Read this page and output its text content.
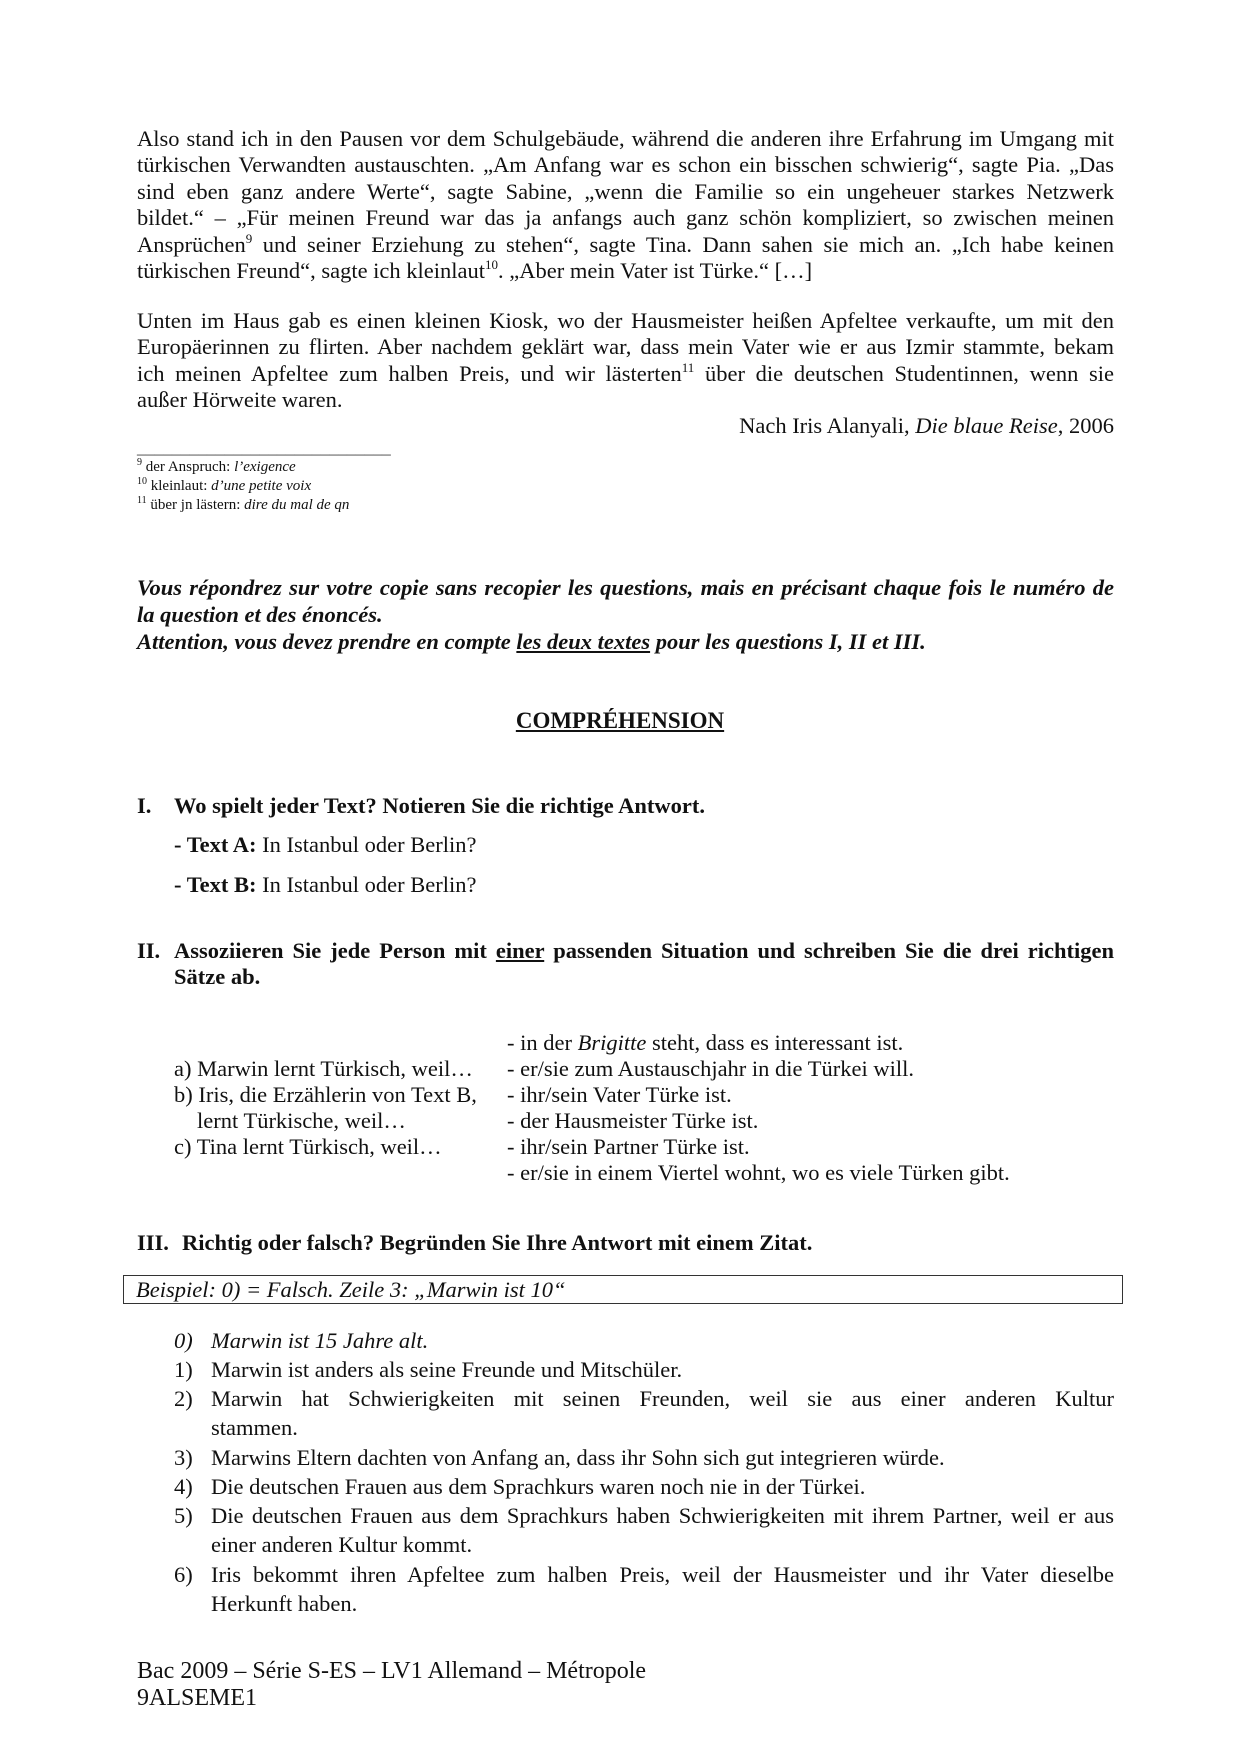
Also stand ich in den Pausen vor dem Schulgebäude, während die anderen ihre Erfahrung im Umgang mit
türkischen Verwandten austauschten. „Am Anfang war es schon ein bisschen schwierig“, sagte Pia. „Das
sind eben ganz andere Werte“, sagte Sabine, „wenn die Familie so ein ungeheuer starkes Netzwerk
bildet.“ – „Für meinen Freund war das ja anfangs auch ganz schön kompliziert, so zwischen meinen
Ansprüchen$^9$ und seiner Erziehung zu stehen“, sagte Tina. Dann sahen sie mich an. „Ich habe keinen
türkischen Freund“, sagte ich kleinlaut$^{10}$. „Aber mein Vater ist Türke.“ […]
Unten im Haus gab es einen kleinen Kiosk, wo der Hausmeister heißen Apfeltee verkaufte, um mit den
Europäerinnen zu flirten. Aber nachdem geklärt war, dass mein Vater wie er aus Izmir stammte, bekam
ich meinen Apfeltee zum halben Preis, und wir lästerten$^{11}$ über die deutschen Studentinnen, wenn sie
außer Hörweite waren.
Nach Iris Alanyali, Die blaue Reise, 2006
_____________________________
$^9$ der Anspruch: l’exigence
$^{10}$ kleinlaut: d’une petite voix
$^{11}$ über jn lästern: dire du mal de qn
Vous répondrez sur votre copie sans recopier les questions, mais en précisant chaque fois le numéro de
la question et des énoncés.
Attention, vous devez prendre en compte les deux textes pour les questions I, II et III.
COMPRÉHENSION
I. Wo spielt jeder Text? Notieren Sie die richtige Antwort.
- Text A: In Istanbul oder Berlin?
- Text B: In Istanbul oder Berlin?
II. Assoziieren Sie jede Person mit einer passenden Situation und schreiben Sie die drei richtigen
Sätze ab.
a) Marwin lernt Türkisch, weil…
b) Iris, die Erzählerin von Text B,
lernt Türkische, weil…
c) Tina lernt Türkisch, weil…
- in der Brigitte steht, dass es interessant ist.
- er/sie zum Austauschjahr in die Türkei will.
- ihr/sein Vater Türke ist.
- der Hausmeister Türke ist.
- ihr/sein Partner Türke ist.
- er/sie in einem Viertel wohnt, wo es viele Türken gibt.
III. Richtig oder falsch? Begründen Sie Ihre Antwort mit einem Zitat.
Beispiel: 0) = Falsch. Zeile 3: „Marwin ist 10“
0) Marwin ist 15 Jahre alt.
1) Marwin ist anders als seine Freunde und Mitschüler.
2) Marwin hat Schwierigkeiten mit seinen Freunden, weil sie aus einer anderen Kultur
stammen.
3) Marwins Eltern dachten von Anfang an, dass ihr Sohn sich gut integrieren würde.
4) Die deutschen Frauen aus dem Sprachkurs waren noch nie in der Türkei.
5) Die deutschen Frauen aus dem Sprachkurs haben Schwierigkeiten mit ihrem Partner, weil er aus
einer anderen Kultur kommt.
6) Iris bekommt ihren Apfeltee zum halben Preis, weil der Hausmeister und ihr Vater dieselbe
Herkunft haben.
Bac 2009 – Série S-ES – LV1 Allemand – Métropole
9ALSEME1
